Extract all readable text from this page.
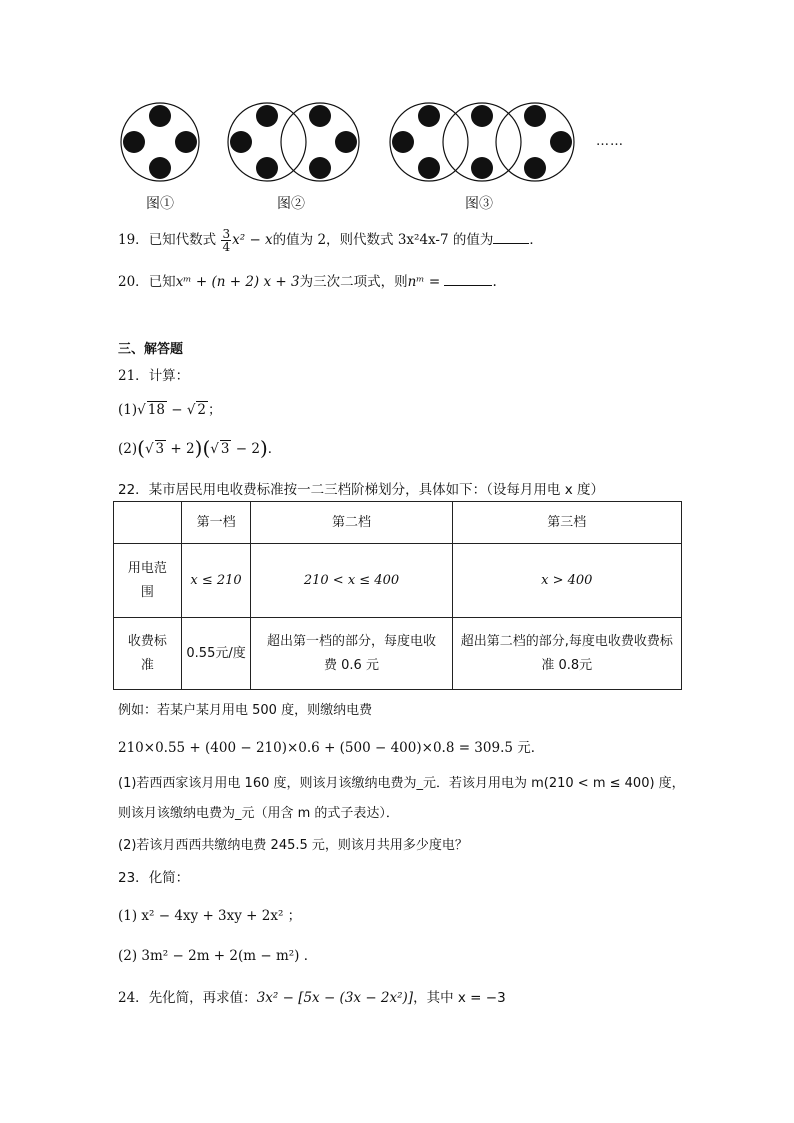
……
图①	图②	图③
19．已知代数式 $\frac{3}{4} x^2 - x$的值为 2，则代数式 3x²4x-7 的值为	．
20．已知xᵐ + (n + 2) x + 3为三次二项式，则nᵐ =	.
三、解答题
21．计算：
(1)√ 18 − √ 2 ；
(2)(√ 3 + 2)(√ 3 − 2)．
22．某市居民用电收费标准按一二三档阶梯划分，具体如下：（设每月用电 x 度）
	第一档	第二档	第三档
用电范围	x ≤ 210	210 < x ≤ 400	x > 400
收费标准	0.55元/度	超出第一档的部分，每度电收费 0.6 元	超出第二档的部分,每度电收费收费标准 0.8元
例如：若某户某月用电 500 度，则缴纳电费
210×0.55 + (400 − 210)×0.6 + (500 − 400)×0.8 = 309.5 元．
(1)若西西家该月用电 160 度，则该月该缴纳电费为_元．若该月用电为 m(210 < m ≤ 400) 度，
则该月该缴纳电费为_元（用含 m 的式子表达）．
(2)若该月西西共缴纳电费 245.5 元，则该月共用多少度电？
23．化简：
(1) x² − 4xy + 3xy + 2x² ；
(2) 3m² − 2m + 2(m − m²) ．
24．先化简，再求值：3x² − [5x − (3x − 2x²)]，其中 x = −3
